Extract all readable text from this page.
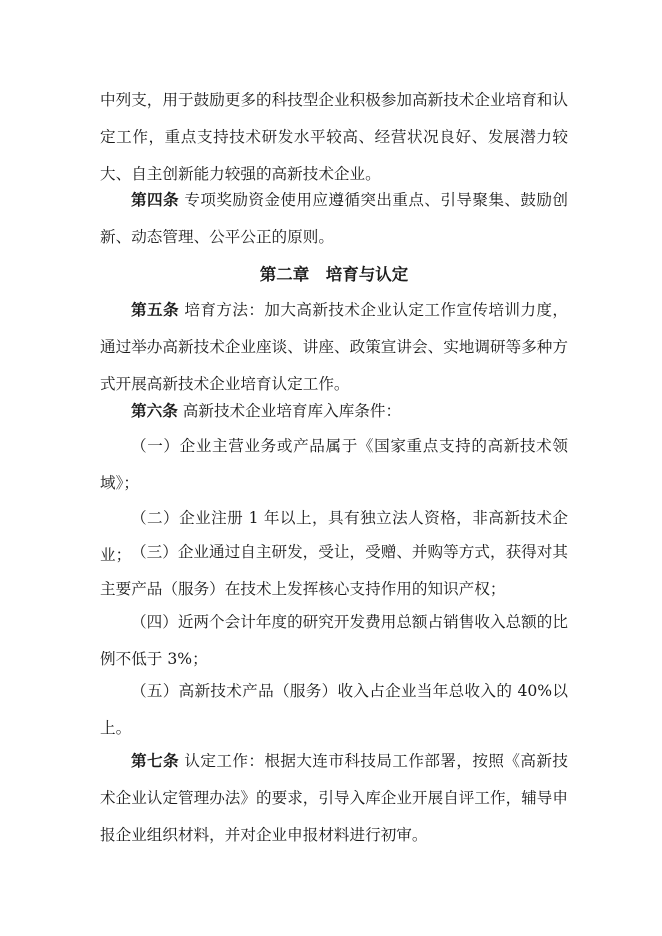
中列支，用于鼓励更多的科技型企业积极参加高新技术企业培育和认定工作，重点支持技术研发水平较高、经营状况良好、发展潜力较大、自主创新能力较强的高新技术企业。
第四条 专项奖励资金使用应遵循突出重点、引导聚集、鼓励创新、动态管理、公平公正的原则。
第二章　培育与认定
第五条 培育方法：加大高新技术企业认定工作宣传培训力度，通过举办高新技术企业座谈、讲座、政策宣讲会、实地调研等多种方式开展高新技术企业培育认定工作。
第六条 高新技术企业培育库入库条件：
（一）企业主营业务或产品属于《国家重点支持的高新技术领域》；
（二）企业注册 1 年以上，具有独立法人资格，非高新技术企业； （三）企业通过自主研发，受让，受赠、并购等方式，获得对其主要产品（服务）在技术上发挥核心支持作用的知识产权；
（四）近两个会计年度的研究开发费用总额占销售收入总额的比例不低于 3%；
（五）高新技术产品（服务）收入占企业当年总收入的 40%以上。
第七条 认定工作：根据大连市科技局工作部署，按照《高新技术企业认定管理办法》的要求，引导入库企业开展自评工作，辅导申报企业组织材料，并对企业申报材料进行初审。
